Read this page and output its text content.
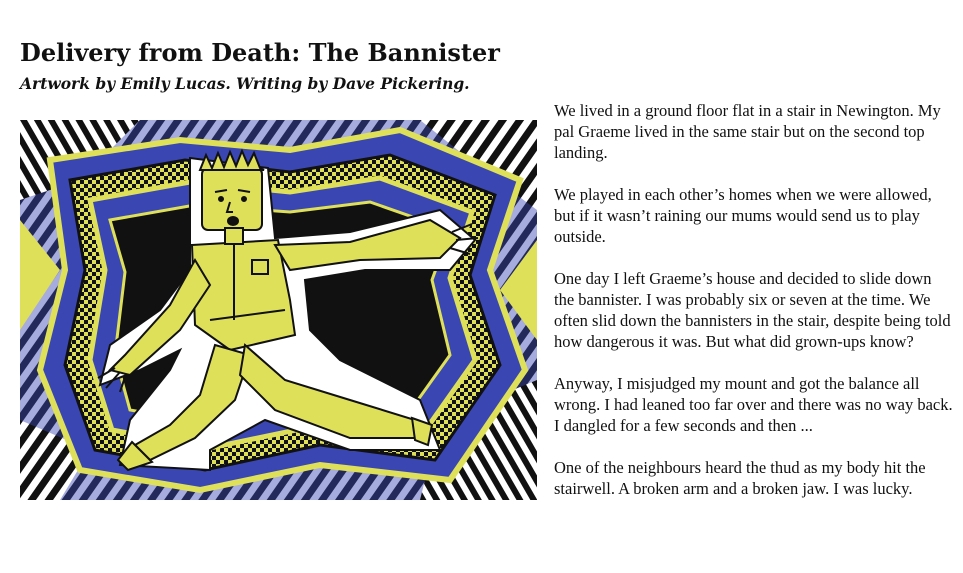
Delivery from Death: The Bannister
Artwork by Emily Lucas. Writing by Dave Pickering.

We lived in a ground floor flat in a stair in Newington. My pal Graeme lived in the same stair but on the second top landing.

We played in each other’s homes when we were allowed, but if it wasn’t raining our mums would send us to play outside.

One day I left Graeme’s house and decided to slide down the bannister. I was probably six or seven at the time. We often slid down the bannisters in the stair, despite being told how dangerous it was. But what did grown-ups know?

Anyway, I misjudged my mount and got the balance all wrong. I had leaned too far over and there was no way back. I dangled for a few seconds and then ...

One of the neighbours heard the thud as my body hit the stairwell. A broken arm and a broken jaw. I was lucky.
